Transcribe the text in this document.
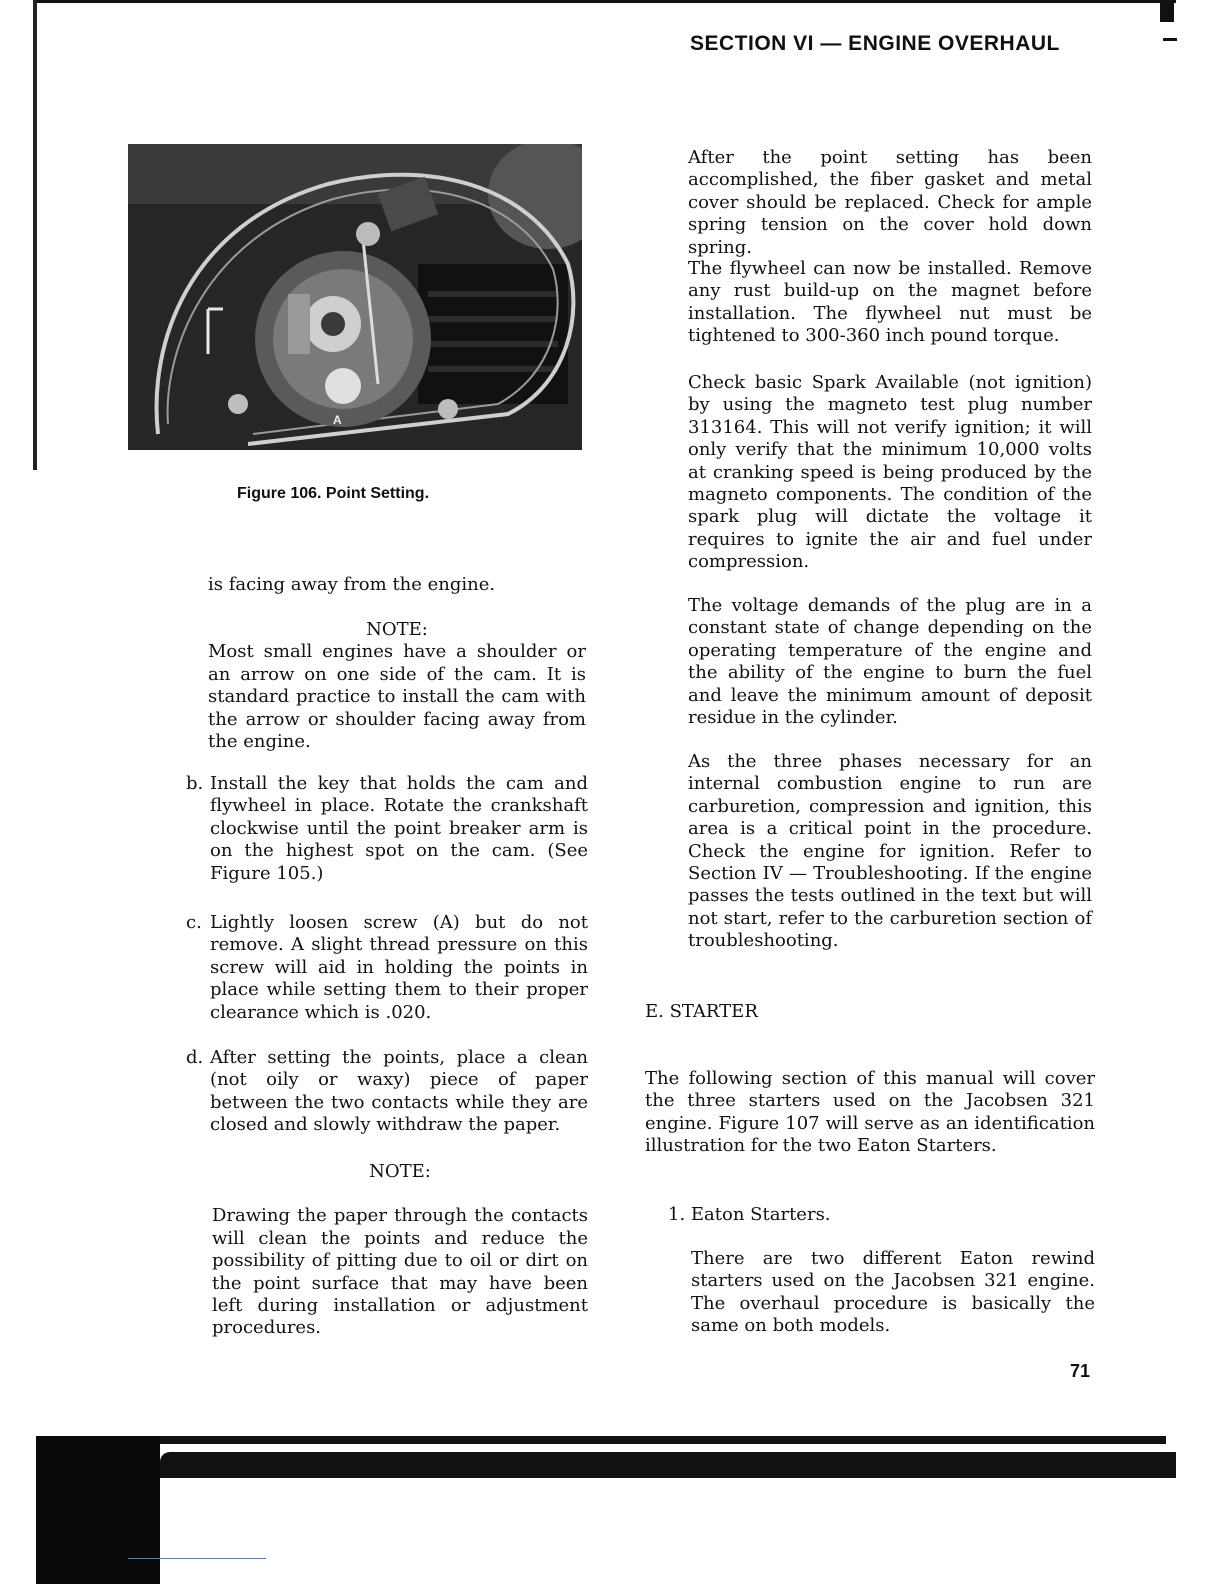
SECTION VI — ENGINE OVERHAUL
A
Figure 106. Point Setting.

is facing away from the engine.

NOTE:

Most small engines have a shoulder or an arrow on one side of the cam. It is standard practice to install the cam with the arrow or shoulder facing away from the engine.

b. Install the key that holds the cam and flywheel in place. Rotate the crankshaft clockwise until the point breaker arm is on the highest spot on the cam. (See Figure 105.)
c. Lightly loosen screw (A) but do not remove. A slight thread pressure on this screw will aid in holding the points in place while setting them to their proper clearance which is .020.
d. After setting the points, place a clean (not oily or waxy) piece of paper between the two contacts while they are closed and slowly withdraw the paper.

NOTE:

Drawing the paper through the contacts will clean the points and reduce the possibility of pitting due to oil or dirt on the point surface that may have been left during installation or adjustment procedures.

After the point setting has been accomplished, the fiber gasket and metal cover should be replaced. Check for ample spring tension on the cover hold down spring.

The flywheel can now be installed. Remove any rust build-up on the magnet before installation. The flywheel nut must be tightened to 300-360 inch pound torque.

Check basic Spark Available (not ignition) by using the magneto test plug number 313164. This will not verify ignition; it will only verify that the minimum 10,000 volts at cranking speed is being produced by the magneto components. The condition of the spark plug will dictate the voltage it requires to ignite the air and fuel under compression.

The voltage demands of the plug are in a constant state of change depending on the operating temperature of the engine and the ability of the engine to burn the fuel and leave the minimum amount of deposit residue in the cylinder.

As the three phases necessary for an internal combustion engine to run are carburetion, compression and ignition, this area is a critical point in the procedure. Check the engine for ignition. Refer to Section IV — Troubleshooting. If the engine passes the tests outlined in the text but will not start, refer to the carburetion section of troubleshooting.

E. STARTER

The following section of this manual will cover the three starters used on the Jacobsen 321 engine. Figure 107 will serve as an identification illustration for the two Eaton Starters.

1. Eaton Starters.

There are two different Eaton rewind starters used on the Jacobsen 321 engine. The overhaul procedure is basically the same on both models.

71
